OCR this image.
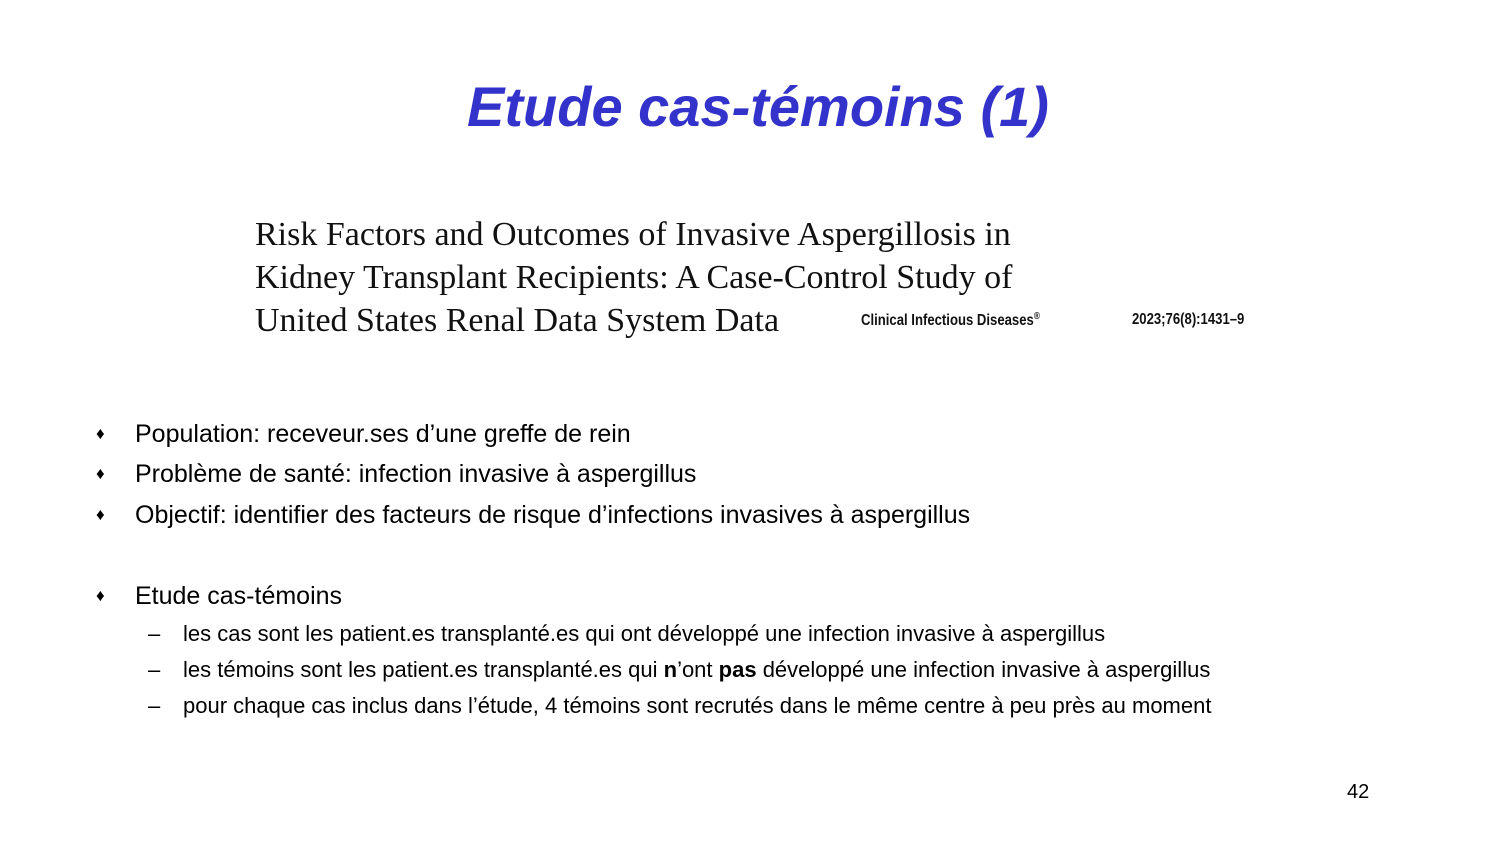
Etude cas-témoins (1)
Risk Factors and Outcomes of Invasive Aspergillosis in
Kidney Transplant Recipients: A Case-Control Study of
United States Renal Data System Data	Clinical Infectious Diseases®	2023;76(8):1431–9
♦ Population: receveur.ses d’une greffe de rein
♦ Problème de santé: infection invasive à aspergillus
♦ Objectif: identifier des facteurs de risque d’infections invasives à aspergillus
♦ Etude cas-témoins
– les cas sont les patient.es transplanté.es qui ont développé une infection invasive à aspergillus
– les témoins sont les patient.es transplanté.es qui n’ont pas développé une infection invasive à aspergillus
– pour chaque cas inclus dans l’étude, 4 témoins sont recrutés dans le même centre à peu près au moment
42
